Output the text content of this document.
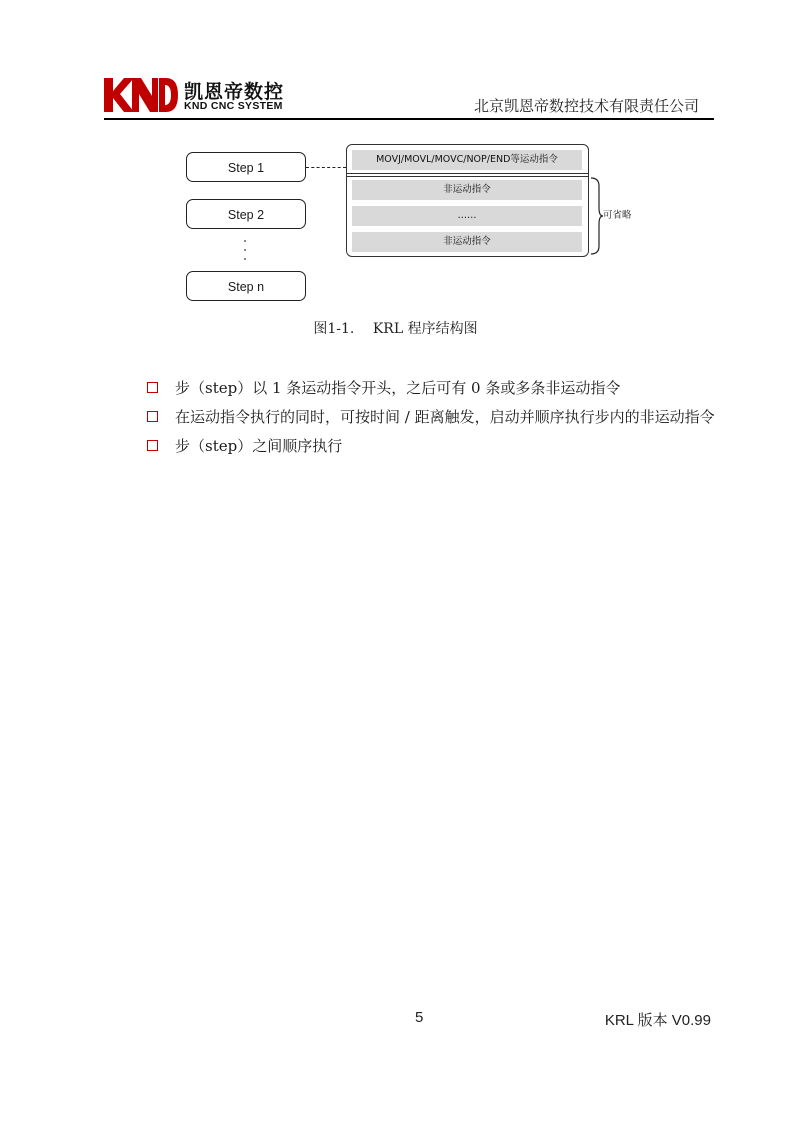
凯恩帝数控
KND CNC SYSTEM	北京凯恩帝数控技术有限责任公司
Step 1
Step 2
Step n
MOVJ/MOVL/MOVC/NOP/END等运动指令
非运动指令
……
非运动指令
可省略
图1-1.　 KRL 程序结构图
步（step）以 1 条运动指令开头，之后可有 0 条或多条非运动指令
在运动指令执行的同时，可按时间 / 距离触发，启动并顺序执行步内的非运动指令
步（step）之间顺序执行
5	KRL 版本 V0.99
